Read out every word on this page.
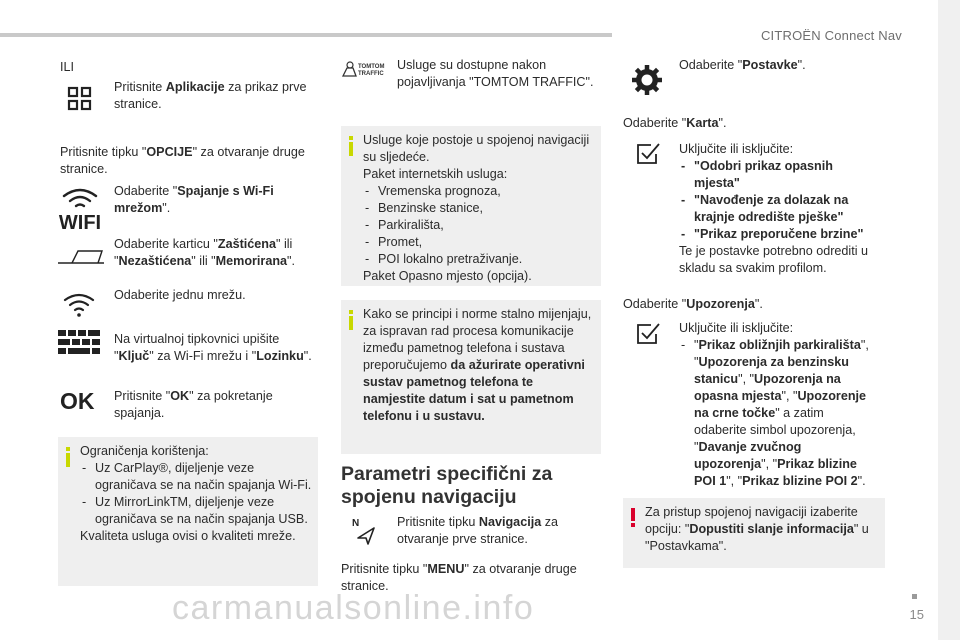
CITROËN Connect Nav
15
carmanualsonline.info
ILI
Pritisnite Aplikacije za prikaz prve stranice.
Pritisnite tipku "OPCIJE" za otvaranje druge stranice.
WIFI
Odaberite "Spajanje s Wi-Fi mrežom".
Odaberite karticu "Zaštićena" ili "Nezaštićena" ili "Memorirana".
Odaberite jednu mrežu.
Na virtualnoj tipkovnici upišite "Ključ" za Wi-Fi mrežu i "Lozinku".
OK Pritisnite "OK" za pokretanje spajanja.
Ograničenja korištenja:
- Uz CarPlay®, dijeljenje veze ograničava se na način spajanja Wi-Fi.
- Uz MirrorLinkTM, dijeljenje veze ograničava se na način spajanja USB.
Kvaliteta usluga ovisi o kvaliteti mreže.
TOMTOM
TRAFFIC
Usluge su dostupne nakon pojavljivanja "TOMTOM TRAFFIC".
Usluge koje postoje u spojenoj navigaciji su sljedeće.
Paket internetskih usluga:
- Vremenska prognoza,
- Benzinske stanice,
- Parkirališta,
- Promet,
- POI lokalno pretraživanje.
Paket Opasno mjesto (opcija).
Kako se principi i norme stalno mijenjaju, za ispravan rad procesa komunikacije između pametnog telefona i sustava preporučujemo da ažurirate operativni sustav pametnog telefona te namjestite datum i sat u pametnom telefonu i u sustavu.
Parametri specifični za spojenu navigaciju
N	Pritisnite tipku Navigacija za otvaranje prve stranice.
Pritisnite tipku "MENU" za otvaranje druge stranice.
Odaberite "Postavke".
Odaberite "Karta".
Uključite ili isključite:
- "Odobri prikaz opasnih mjesta"
- "Navođenje za dolazak na krajnje odredište pješke"
- "Prikaz preporučene brzine"
Te je postavke potrebno odrediti u skladu sa svakim profilom.
Odaberite "Upozorenja".
Uključite ili isključite:
- "Prikaz obližnjih parkirališta", "Upozorenja za benzinsku stanicu", "Upozorenja na opasna mjesta", "Upozorenje na crne točke" a zatim odaberite simbol upozorenja, "Davanje zvučnog upozorenja", "Prikaz blizine POI 1", "Prikaz blizine POI 2".
Za pristup spojenoj navigaciji izaberite opciju: "Dopustiti slanje informacija" u "Postavkama".
